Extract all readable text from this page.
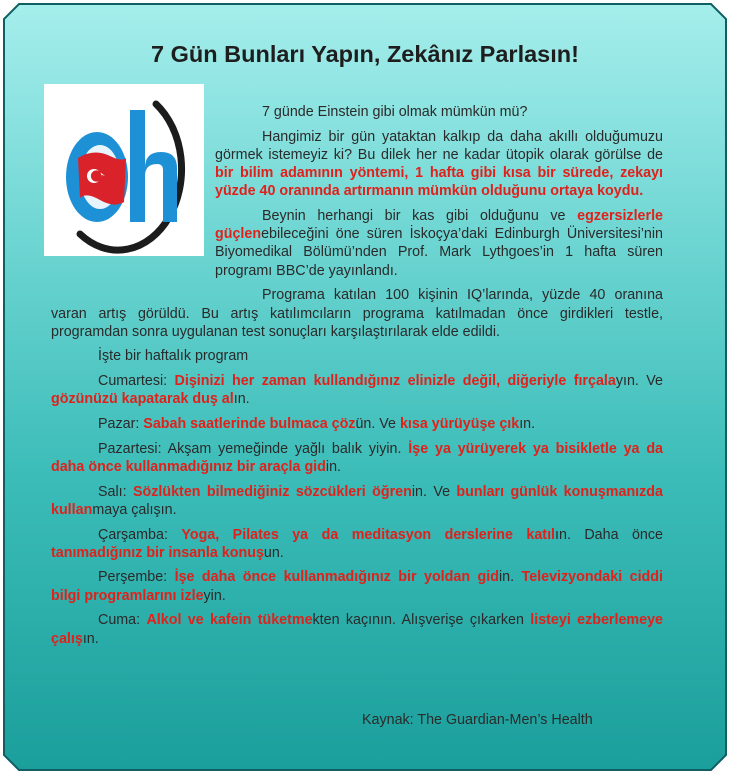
7 Gün Bunları Yapın, Zekânız Parlasın!

7 günde Einstein gibi olmak mümkün mü?

Hangimiz bir gün yataktan kalkıp da daha akıllı olduğumuzu görmek istemeyiz ki? Bu dilek her ne kadar ütopik olarak görülse de bir bilim adamının yöntemi, 1 hafta gibi kısa bir sürede, zekayı yüzde 40 oranında artırmanın mümkün olduğunu ortaya koydu.

Beynin herhangi bir kas gibi olduğunu ve egzersizlerle güçlenebileceğini öne süren İskoçya’daki Edinburgh Üniversitesi’nin Biyomedikal Bölümü’nden Prof. Mark Lythgoes’in 1 hafta süren programı BBC’de yayınlandı.

Programa katılan 100 kişinin IQ’larında, yüzde 40 oranına varan artış görüldü. Bu artış katılımcıların programa katılmadan önce girdikleri testle, programdan sonra uygulanan test sonuçları karşılaştırılarak elde edildi.

İşte bir haftalık program

Cumartesi: Dişinizi her zaman kullandığınız elinizle değil, diğeriyle fırçalayın. Ve gözünüzü kapatarak duş alın.

Pazar: Sabah saatlerinde bulmaca çözün. Ve kısa yürüyüşe çıkın.

Pazartesi: Akşam yemeğinde yağlı balık yiyin. İşe ya yürüyerek ya bisikletle ya da daha önce kullanmadığınız bir araçla gidin.

Salı: Sözlükten bilmediğiniz sözcükleri öğrenin. Ve bunları günlük konuşmanızda kullanmaya çalışın.

Çarşamba: Yoga, Pilates ya da meditasyon derslerine katılın. Daha önce tanımadığınız bir insanla konuşun.

Perşembe: İşe daha önce kullanmadığınız bir yoldan gidin. Televizyondaki ciddi bilgi programlarını izleyin.

Cuma: Alkol ve kafein tüketmekten kaçının. Alışverişe çıkarken listeyi ezberlemeye çalışın.

Kaynak: The Guardian-Men’s Health
